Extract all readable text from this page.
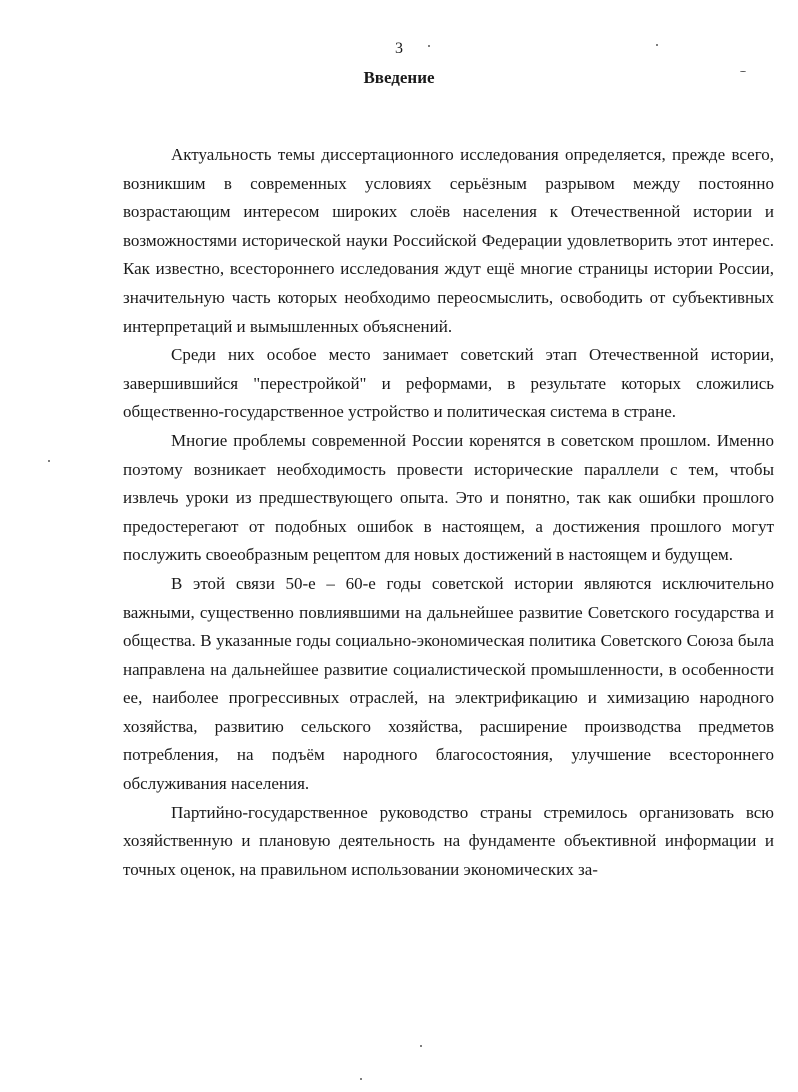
3
Введение

Актуальность темы диссертационного исследования определяется, прежде всего, возникшим в современных условиях серьёзным разрывом между постоянно возрастающим интересом широких слоёв населения к Отечественной истории и возможностями исторической науки Российской Федерации удовлетворить этот интерес. Как известно, всестороннего исследования ждут ещё многие страницы истории России, значительную часть которых необходимо переосмыслить, освободить от субъективных интерпретаций и вымышленных объяснений.

Среди них особое место занимает советский этап Отечественной истории, завершившийся "перестройкой" и реформами, в результате которых сложились общественно-государственное устройство и политическая система в стране.

Многие проблемы современной России коренятся в советском прошлом. Именно поэтому возникает необходимость провести исторические параллели с тем, чтобы извлечь уроки из предшествующего опыта. Это и понятно, так как ошибки прошлого предостерегают от подобных ошибок в настоящем, а достижения прошлого могут послужить своеобразным рецептом для новых достижений в настоящем и будущем.

В этой связи 50-е – 60-е годы советской истории являются исключительно важными, существенно повлиявшими на дальнейшее развитие Советского государства и общества. В указанные годы социально-экономическая политика Советского Союза была направлена на дальнейшее развитие социалистической промышленности, в особенности ее, наиболее прогрессивных отраслей, на электрификацию и химизацию народного хозяйства, развитию сельского хозяйства, расширение производства предметов потребления, на подъём народного благосостояния, улучшение всестороннего обслуживания населения.

Партийно-государственное руководство страны стремилось организовать всю хозяйственную и плановую деятельность на фундаменте объективной информации и точных оценок, на правильном использовании экономических за-
